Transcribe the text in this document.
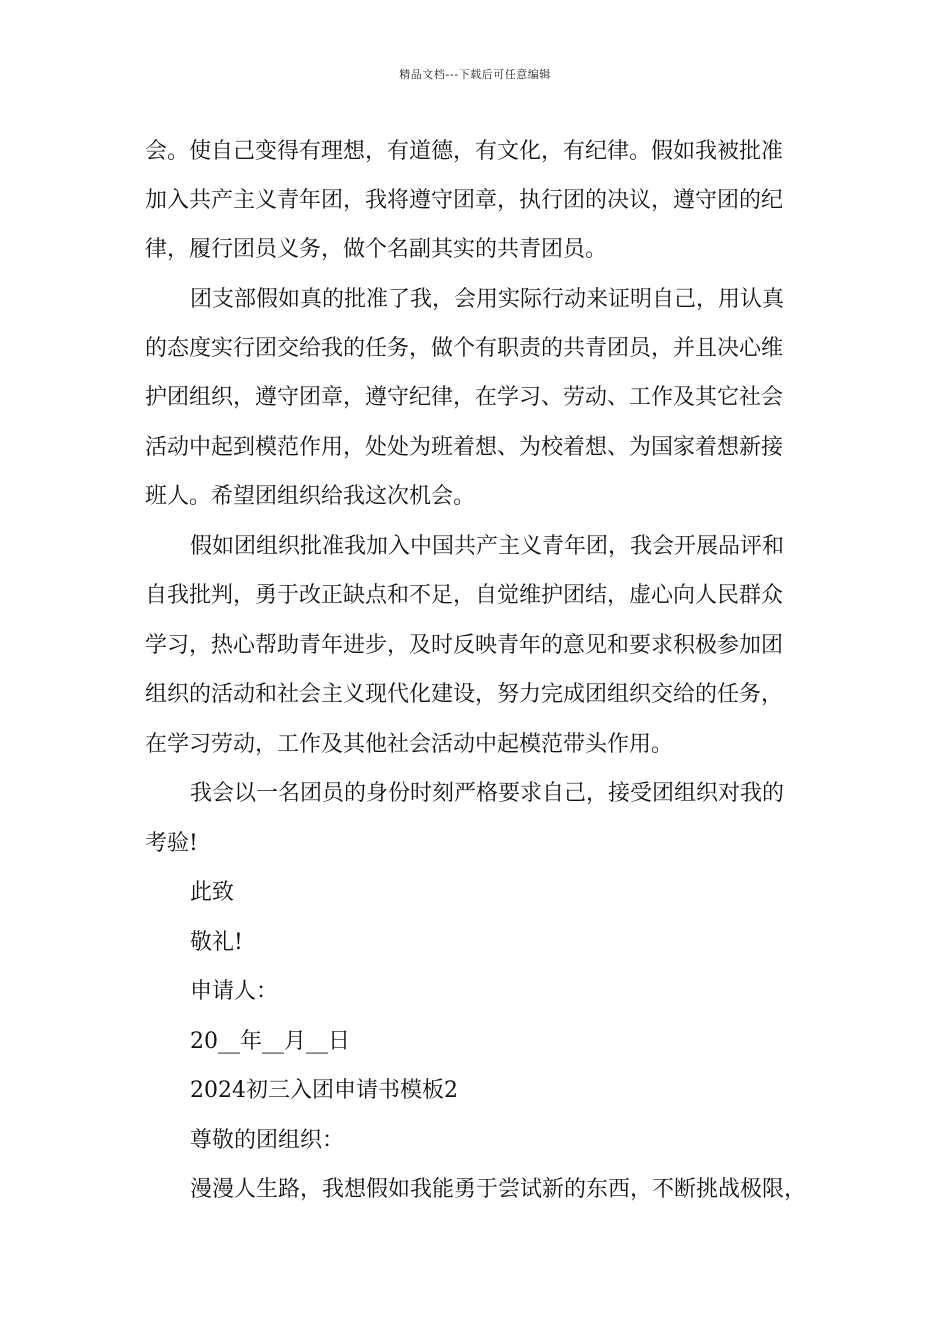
精品文档---下载后可任意编辑
会。使自己变得有理想，有道德，有文化，有纪律。假如我被批准
加入共产主义青年团，我将遵守团章，执行团的决议，遵守团的纪
律，履行团员义务，做个名副其实的共青团员。
团支部假如真的批准了我，会用实际行动来证明自己，用认真
的态度实行团交给我的任务，做个有职责的共青团员，并且决心维
护团组织，遵守团章，遵守纪律，在学习、劳动、工作及其它社会
活动中起到模范作用，处处为班着想、为校着想、为国家着想新接
班人。希望团组织给我这次机会。
假如团组织批准我加入中国共产主义青年团，我会开展品评和
自我批判，勇于改正缺点和不足，自觉维护团结，虚心向人民群众
学习，热心帮助青年进步，及时反映青年的意见和要求积极参加团
组织的活动和社会主义现代化建设，努力完成团组织交给的任务，
在学习劳动，工作及其他社会活动中起模范带头作用。
我会以一名团员的身份时刻严格要求自己，接受团组织对我的
考验!
此致
敬礼!
申请人：
20__年__月__日
2024初三入团申请书模板2
尊敬的团组织：
漫漫人生路，我想假如我能勇于尝试新的东西，不断挑战极限，
